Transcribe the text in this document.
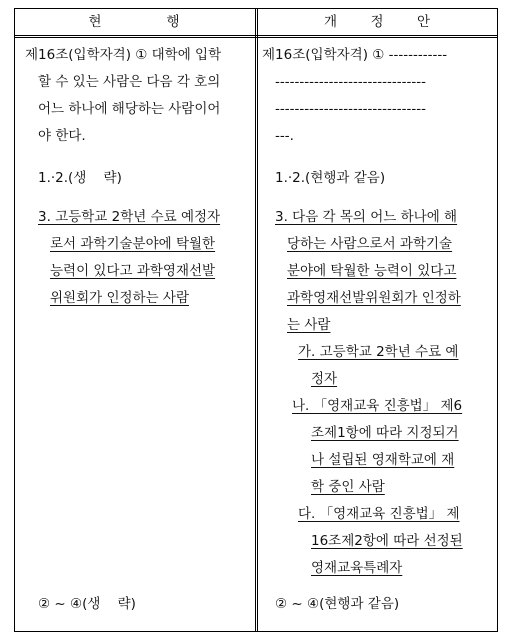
현          행	개     정     안
제16조(입학자격) ① 대학에 입학
할 수 있는 사람은 다음 각 호의
어느 하나에 해당하는 사람이어
야 한다.
1.·2.(생    략)
3. 고등학교 2학년 수료 예정자
로서 과학기술분야에 탁월한
능력이 있다고 과학영재선발
위원회가 인정하는 사람
② ~ ④(생    략)
제16조(입학자격) ① ------------
-------------------------------
-------------------------------
---.
1.·2.(현행과 같음)
3. 다음 각 목의 어느 하나에 해
당하는 사람으로서 과학기술
분야에 탁월한 능력이 있다고
과학영재선발위원회가 인정하
는 사람
가. 고등학교 2학년 수료 예
정자
나. 「영재교육 진흥법」 제6
조제1항에 따라 지정되거
나 설립된 영재학교에 재
학 중인 사람
다. 「영재교육 진흥법」 제
16조제2항에 따라 선정된
영재교육특례자
② ~ ④(현행과 같음)
